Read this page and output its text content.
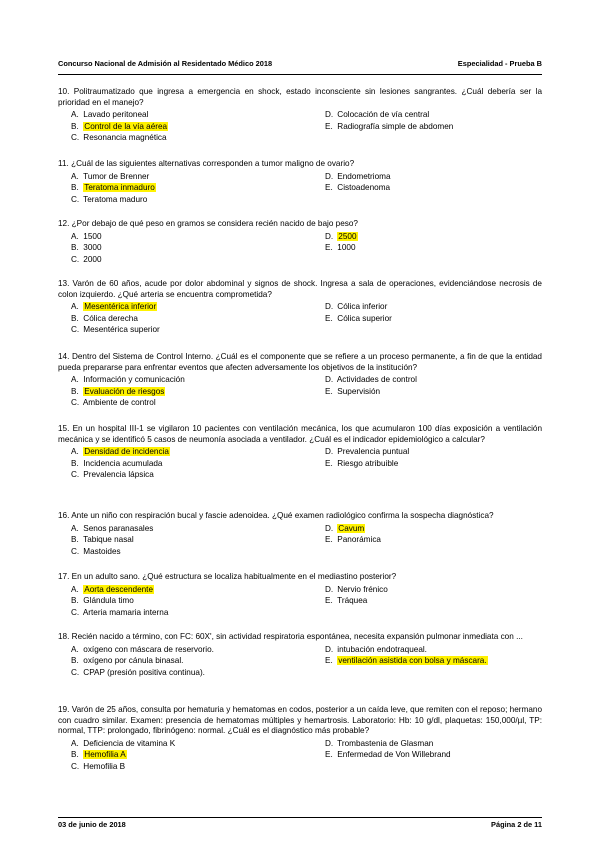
Concurso Nacional de Admisión al Residentado Médico 2018	Especialidad - Prueba B
10. Politraumatizado que ingresa a emergencia en shock, estado inconsciente sin lesiones sangrantes. ¿Cuál debería ser la prioridad en el manejo?
A. Lavado peritoneal	D. Colocación de vía central
B. Control de la vía aérea	E. Radiografía simple de abdomen
C. Resonancia magnética
11. ¿Cuál de las siguientes alternativas corresponden a tumor maligno de ovario?
A. Tumor de Brenner	D. Endometrioma
B. Teratoma inmaduro	E. Cistoadenoma
C. Teratoma maduro
12. ¿Por debajo de qué peso en gramos se considera recién nacido de bajo peso?
A. 1500	D. 2500
B. 3000	E. 1000
C. 2000
13. Varón de 60 años, acude por dolor abdominal y signos de shock. Ingresa a sala de operaciones, evidenciándose necrosis de colon izquierdo. ¿Qué arteria se encuentra comprometida?
A. Mesentérica inferior	D. Cólica inferior
B. Cólica derecha	E. Cólica superior
C. Mesentérica superior
14. Dentro del Sistema de Control Interno. ¿Cuál es el componente que se refiere a un proceso permanente, a fin de que la entidad pueda prepararse para enfrentar eventos que afecten adversamente los objetivos de la institución?
A. Información y comunicación	D. Actividades de control
B. Evaluación de riesgos	E. Supervisión
C. Ambiente de control
15. En un hospital III-1 se vigilaron 10 pacientes con ventilación mecánica, los que acumularon 100 días exposición a ventilación mecánica y se identificó 5 casos de neumonía asociada a ventilador. ¿Cuál es el indicador epidemiológico a calcular?
A. Densidad de incidencia	D. Prevalencia puntual
B. Incidencia acumulada	E. Riesgo atribuible
C. Prevalencia lápsica
16. Ante un niño con respiración bucal y fascie adenoidea. ¿Qué examen radiológico confirma la sospecha diagnóstica?
A. Senos paranasales	D. Cavum
B. Tabique nasal	E. Panorámica
C. Mastoides
17. En un adulto sano. ¿Qué estructura se localiza habitualmente en el mediastino posterior?
A. Aorta descendente	D. Nervio frénico
B. Glándula timo	E. Tráquea
C. Arteria mamaria interna
18. Recién nacido a término, con FC: 60X', sin actividad respiratoria espontánea, necesita expansión pulmonar inmediata con ...
A. oxígeno con máscara de reservorio.	D. intubación endotraqueal.
B. oxígeno por cánula binasal.	E. ventilación asistida con bolsa y máscara.
C. CPAP (presión positiva continua).
19. Varón de 25 años, consulta por hematuria y hematomas en codos, posterior a un caída leve, que remiten con el reposo; hermano con cuadro similar. Examen: presencia de hematomas múltiples y hemartrosis. Laboratorio: Hb: 10 g/dl, plaquetas: 150,000/µl, TP: normal, TTP: prolongado, fibrinógeno: normal. ¿Cuál es el diagnóstico más probable?
A. Deficiencia de vitamina K	D. Trombastenia de Glasman
B. Hemofilia A	E. Enfermedad de Von Willebrand
C. Hemofilia B
03 de junio de 2018	Página 2 de 11
